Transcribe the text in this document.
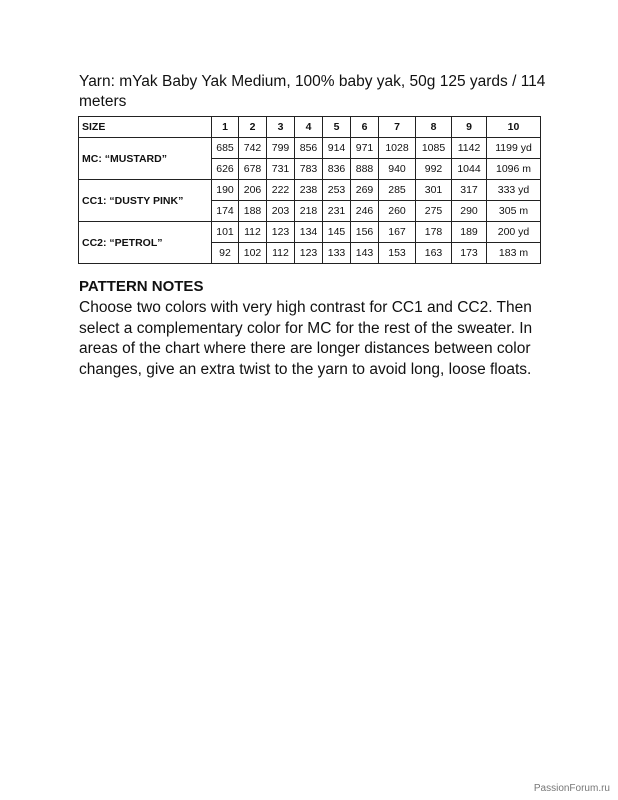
Yarn: mYak Baby Yak Medium, 100% baby yak, 50g 125 yards / 114 meters
SIZE	1	2	3	4	5	6	7	8	9	10
MC: “MUSTARD”	685	742	799	856	914	971	1028	1085	1142	1199 yd
	626	678	731	783	836	888	940	992	1044	1096 m
CC1: “DUSTY PINK”	190	206	222	238	253	269	285	301	317	333 yd
	174	188	203	218	231	246	260	275	290	305 m
CC2: “PETROL”	101	112	123	134	145	156	167	178	189	200 yd
	92	102	112	123	133	143	153	163	173	183 m
PATTERN NOTES
Choose two colors with very high contrast for CC1 and CC2. Then select a complementary color for MC for the rest of the sweater. In areas of the chart where there are longer distances between color changes, give an extra twist to the yarn to avoid long, loose floats.
PassionForum.ru
